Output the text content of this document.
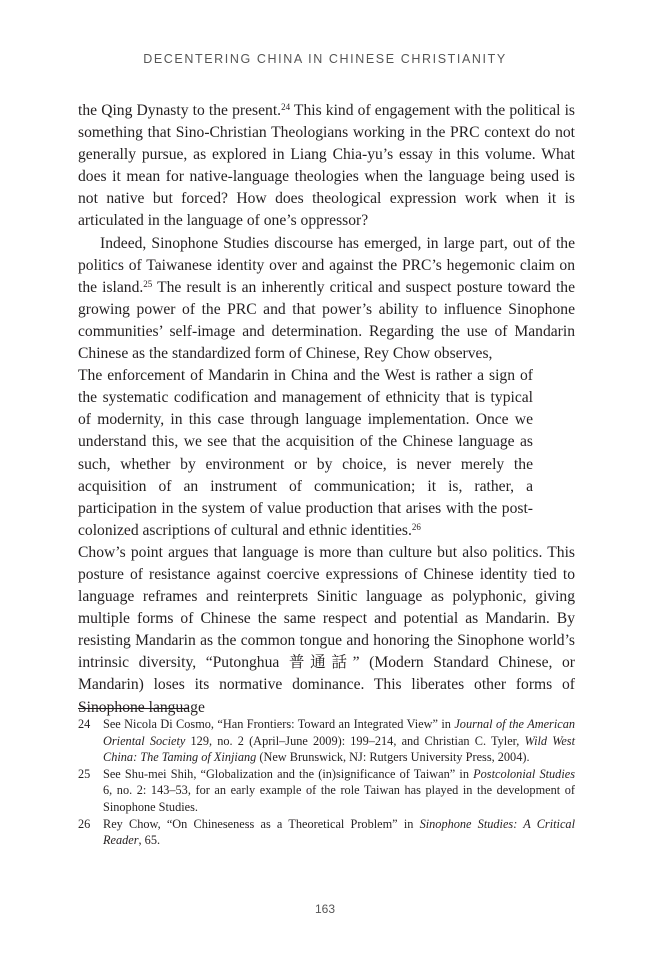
DECENTERING CHINA IN CHINESE CHRISTIANITY

the Qing Dynasty to the present.$^{24}$ This kind of engagement with the political is something that Sino-Christian Theologians working in the PRC context do not generally pursue, as explored in Liang Chia-yu’s essay in this volume. What does it mean for native-language theologies when the language being used is not native but forced? How does theological expression work when it is articulated in the language of one’s oppressor?

Indeed, Sinophone Studies discourse has emerged, in large part, out of the politics of Taiwanese identity over and against the PRC’s hegemonic claim on the island.$^{25}$ The result is an inherently critical and suspect posture toward the growing power of the PRC and that power’s ability to influence Sinophone communities’ self-image and determination. Regarding the use of Mandarin Chinese as the standardized form of Chinese, Rey Chow observes,

The enforcement of Mandarin in China and the West is rather a sign of the systematic codification and management of ethnicity that is typical of modernity, in this case through language implementation. Once we understand this, we see that the acquisition of the Chinese language as such, whether by environment or by choice, is never merely the acquisition of an instrument of communication; it is, rather, a participation in the system of value production that arises with the post-colonized ascriptions of cultural and ethnic identities.$^{26}$

Chow’s point argues that language is more than culture but also politics. This posture of resistance against coercive expressions of Chinese identity tied to language reframes and reinterprets Sinitic language as polyphonic, giving multiple forms of Chinese the same respect and potential as Mandarin. By resisting Mandarin as the common tongue and honoring the Sinophone world’s intrinsic diversity, “Putonghua 普通話” (Modern Standard Chinese, or Mandarin) loses its normative dominance. This liberates other forms of Sinophone language

24	See Nicola Di Cosmo, “Han Frontiers: Toward an Integrated View” in Journal of the American Oriental Society 129, no. 2 (April–June 2009): 199–214, and Christian C. Tyler, Wild West China: The Taming of Xinjiang (New Brunswick, NJ: Rutgers University Press, 2004).
25	See Shu-mei Shih, “Globalization and the (in)significance of Taiwan” in Postcolonial Studies 6, no. 2: 143–53, for an early example of the role Taiwan has played in the development of Sinophone Studies.
26	Rey Chow, “On Chineseness as a Theoretical Problem” in Sinophone Studies: A Critical Reader, 65.
163
